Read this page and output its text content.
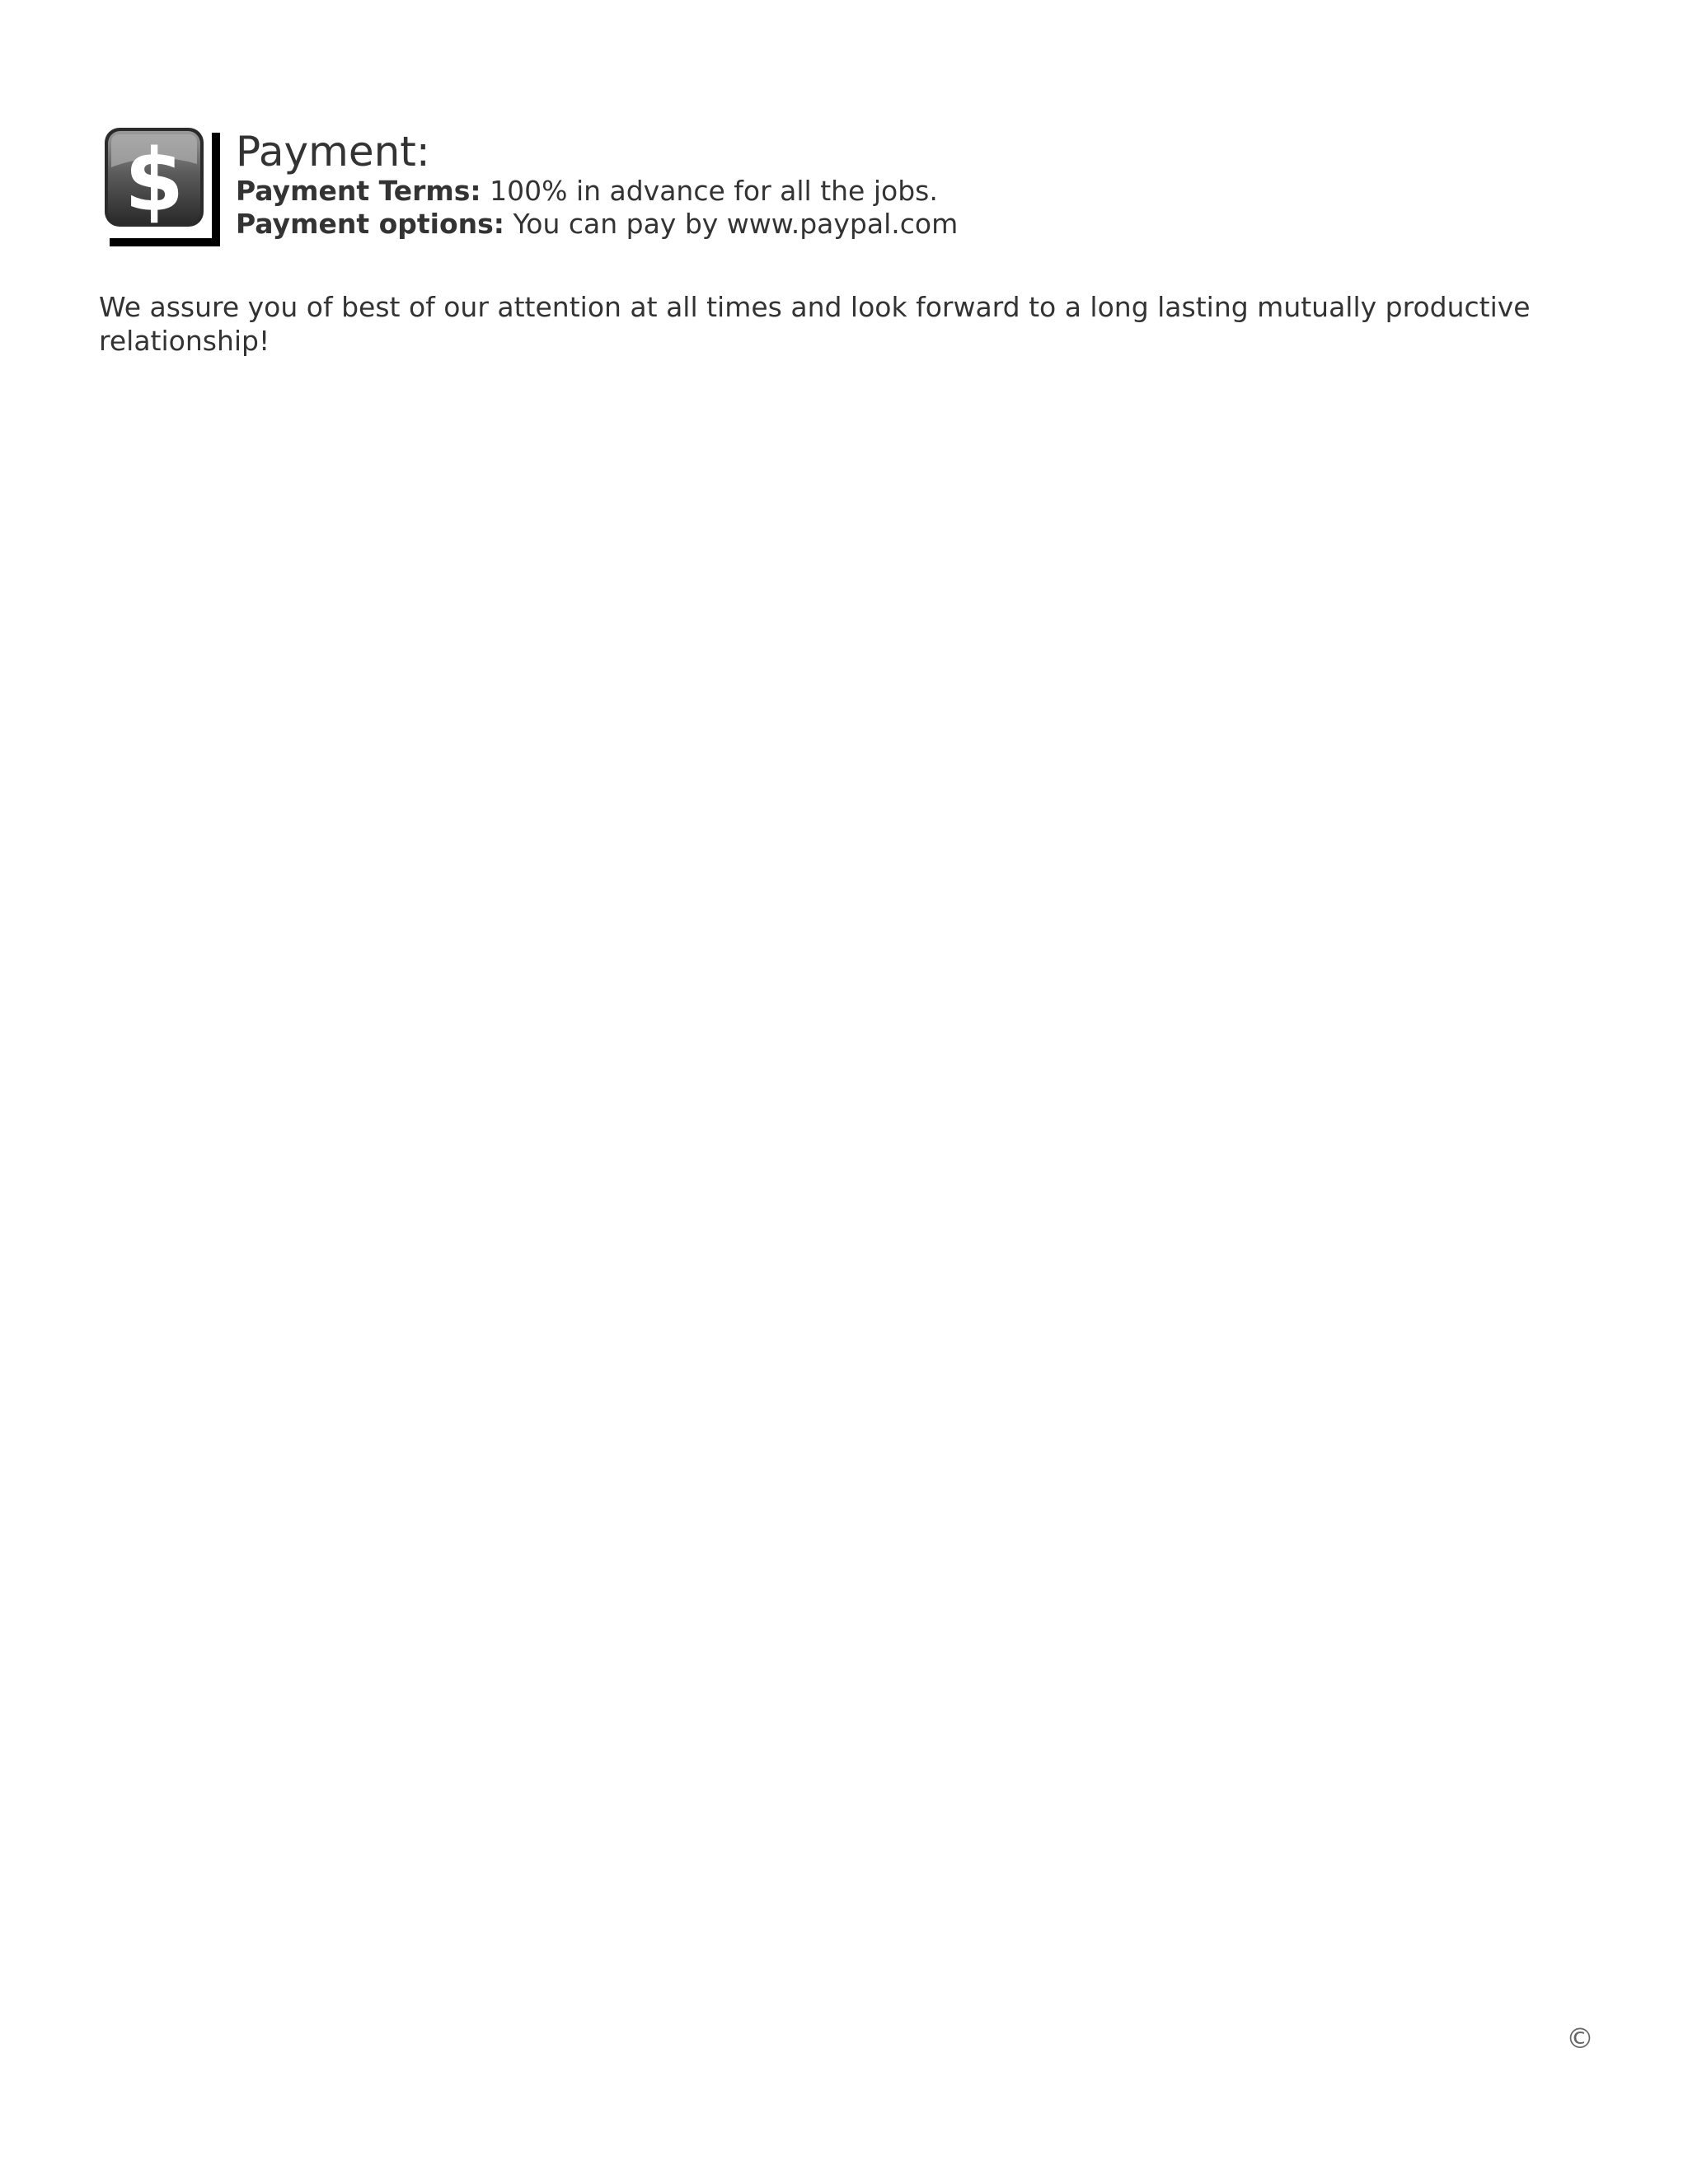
$ Payment:
Payment Terms: 100% in advance for all the jobs.
Payment options: You can pay by www.paypal.com

We assure you of best of our attention at all times and look forward to a long lasting mutually productive relationship!

©
